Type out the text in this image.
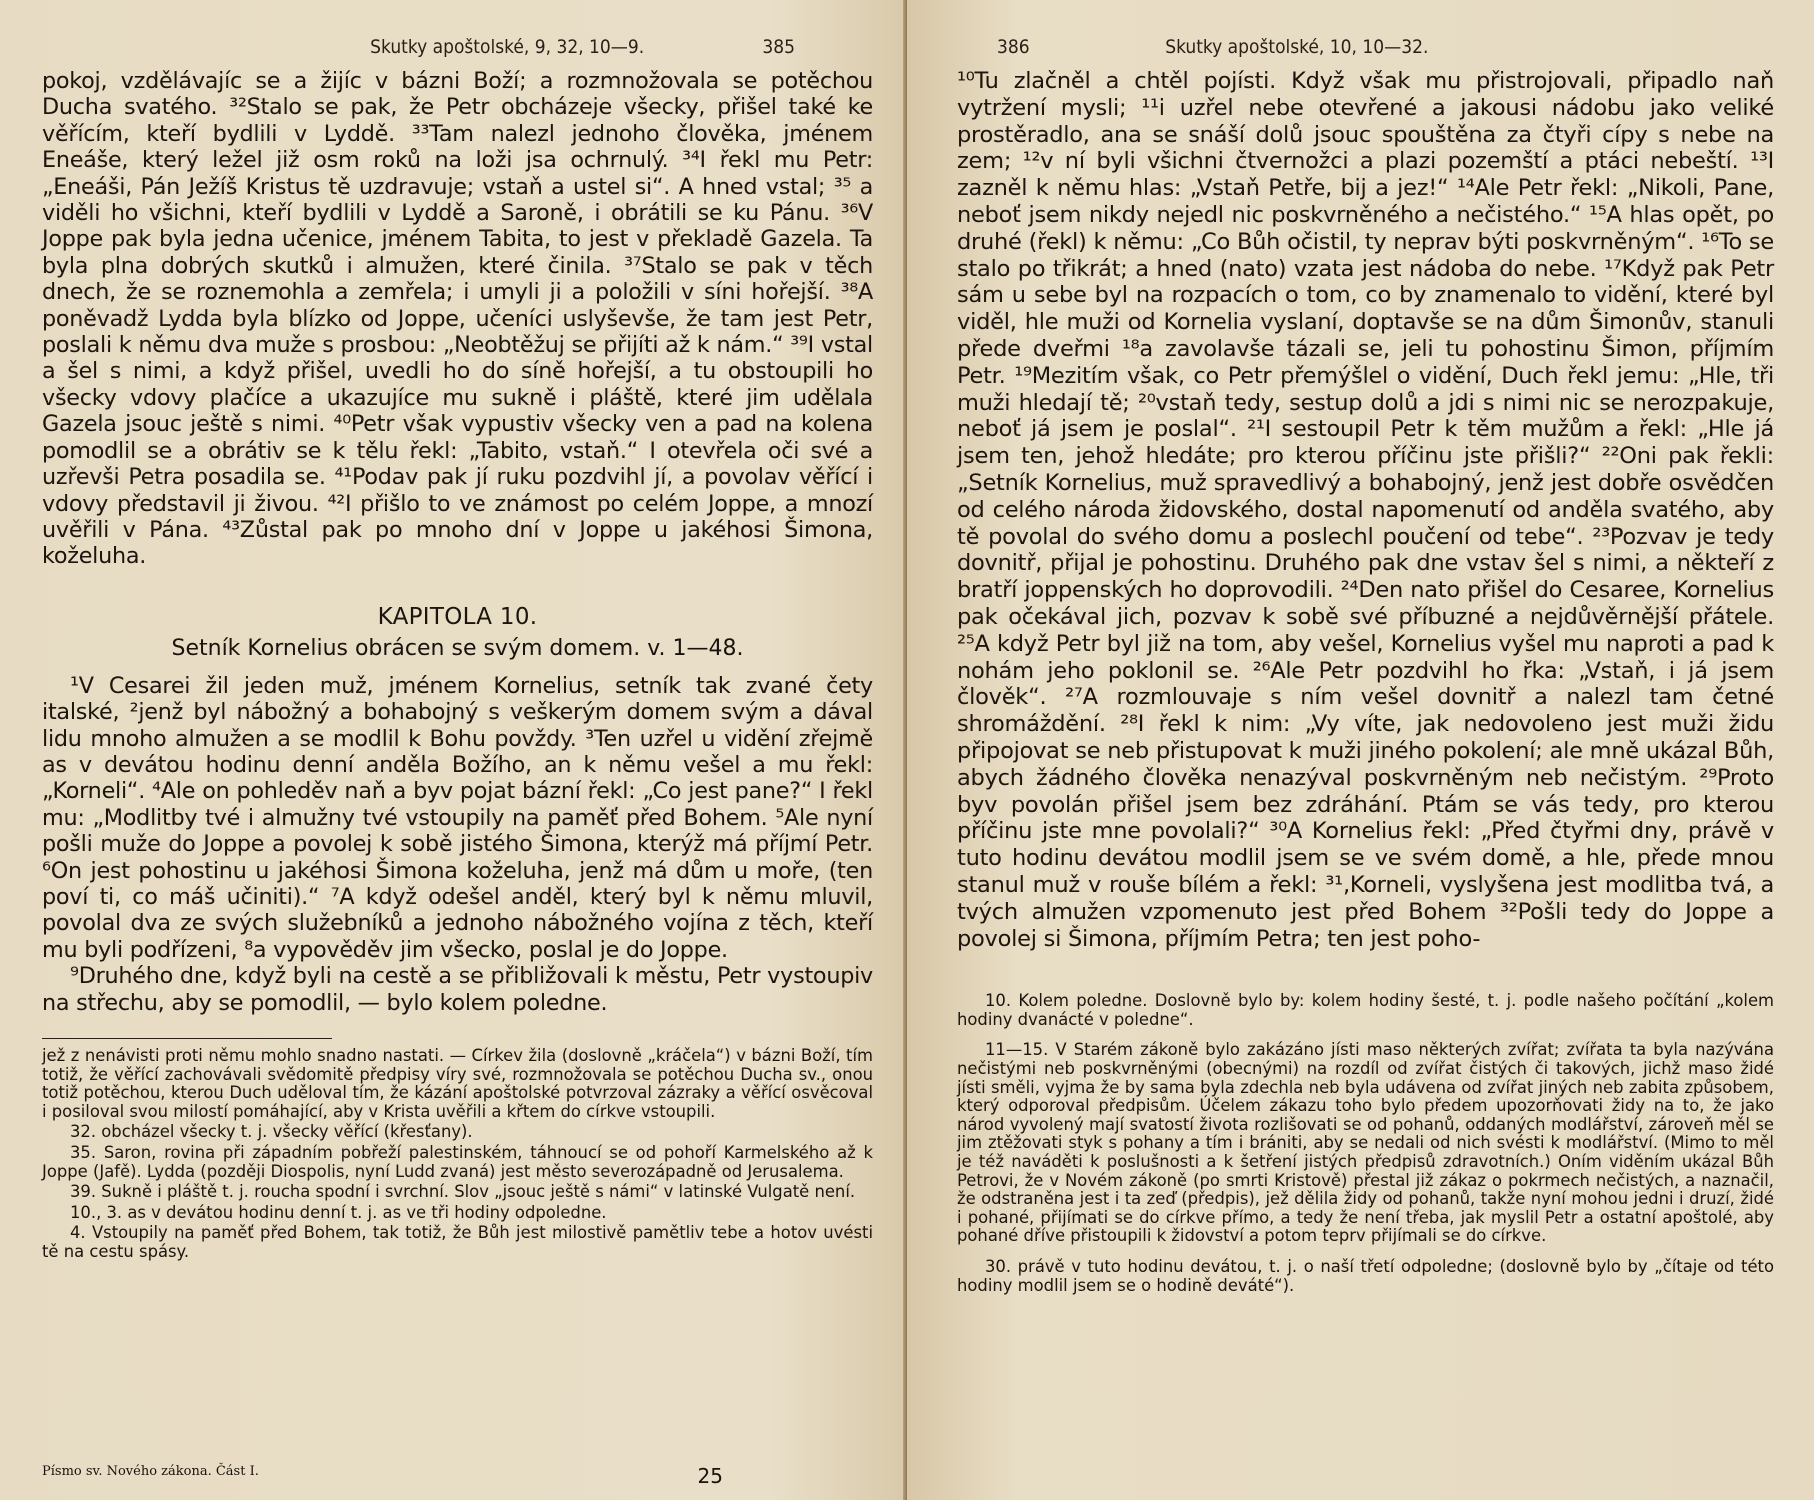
Skutky apoštolské, 9, 32, 10—9.	385

pokoj, vzdělávajíc se a žijíc v bázni Boží; a rozmnožovala se potěchou Ducha svatého. ³²Stalo se pak, že Petr obcházeje všecky, přišel také ke věřícím, kteří bydlili v Lyddě. ³³Tam nalezl jednoho člověka, jménem Eneáše, který ležel již osm roků na loži jsa ochrnulý. ³⁴I řekl mu Petr: „Eneáši, Pán Ježíš Kristus tě uzdravuje; vstaň a ustel si“. A hned vstal; ³⁵ a viděli ho všichni, kteří bydlili v Lyddě a Saroně, i obrátili se ku Pánu. ³⁶V Joppe pak byla jedna učenice, jménem Tabita, to jest v překladě Gazela. Ta byla plna dobrých skutků i almužen, které činila. ³⁷Stalo se pak v těch dnech, že se roznemohla a zemřela; i umyli ji a položili v síni hořejší. ³⁸A poněvadž Lydda byla blízko od Joppe, učeníci uslyševše, že tam jest Petr, poslali k němu dva muže s prosbou: „Neobtěžuj se přijíti až k nám.“ ³⁹I vstal a šel s nimi, a když přišel, uvedli ho do síně hořejší, a tu obstoupili ho všecky vdovy plačíce a ukazujíce mu sukně i pláště, které jim udělala Gazela jsouc ještě s nimi. ⁴⁰Petr však vypustiv všecky ven a pad na kolena pomodlil se a obrátiv se k tělu řekl: „Tabito, vstaň.“ I otevřela oči své a uzřevši Petra posadila se. ⁴¹Podav pak jí ruku pozdvihl jí, a povolav věřící i vdovy představil ji živou. ⁴²I přišlo to ve známost po celém Joppe, a mnozí uvěřili v Pána. ⁴³Zůstal pak po mnoho dní v Joppe u jakéhosi Šimona, koželuha.

KAPITOLA 10.
Setník Kornelius obrácen se svým domem. v. 1—48.

¹V Cesarei žil jeden muž, jménem Kornelius, setník tak zvané čety italské, ²jenž byl nábožný a bohabojný s veškerým domem svým a dával lidu mnoho almužen a se modlil k Bohu povždy. ³Ten uzřel u vidění zřejmě as v devátou hodinu denní anděla Božího, an k němu vešel a mu řekl: „Korneli“. ⁴Ale on pohleděv naň a byv pojat bázní řekl: „Co jest pane?“ I řekl mu: „Modlitby tvé i almužny tvé vstoupily na paměť před Bohem. ⁵Ale nyní pošli muže do Joppe a povolej k sobě jistého Šimona, kterýž má příjmí Petr. ⁶On jest pohostinu u jakéhosi Šimona koželuha, jenž má dům u moře, (ten poví ti, co máš učiniti).“ ⁷A když odešel anděl, který byl k němu mluvil, povolal dva ze svých služebníků a jednoho nábožného vojína z těch, kteří mu byli podřízeni, ⁸a vypověděv jim všecko, poslal je do Joppe.

⁹Druhého dne, když byli na cestě a se přibližovali k městu, Petr vystoupiv na střechu, aby se pomodlil, — bylo kolem poledne.

jež z nenávisti proti němu mohlo snadno nastati. — Církev žila (doslovně „kráčela“) v bázni Boží, tím totiž, že věřící zachovávali svědomitě předpisy víry své, rozmnožovala se potěchou Ducha sv., onou totiž potěchou, kterou Duch uděloval tím, že kázání apoštolské potvrzoval zázraky a věřící osvěcoval i posiloval svou milostí pomáhající, aby v Krista uvěřili a křtem do církve vstoupili.

32. obcházel všecky t. j. všecky věřící (křesťany).

35. Saron, rovina při západním pobřeží palestinském, táhnoucí se od pohoří Karmelského až k Joppe (Jafě). Lydda (později Diospolis, nyní Ludd zvaná) jest město severozápadně od Jerusalema.

39. Sukně i pláště t. j. roucha spodní i svrchní. Slov „jsouc ještě s námi“ v latinské Vulgatě není.

10., 3. as v devátou hodinu denní t. j. as ve tři hodiny odpoledne.

4. Vstoupily na paměť před Bohem, tak totiž, že Bůh jest milostivě pamětliv tebe a hotov uvésti tě na cestu spásy.

Písmo sv. Nového zákona. Část I.	25
386	Skutky apoštolské, 10, 10—32.

¹⁰Tu zlačněl a chtěl pojísti. Když však mu přistrojovali, připadlo naň vytržení mysli; ¹¹i uzřel nebe otevřené a jakousi nádobu jako veliké prostěradlo, ana se snáší dolů jsouc spouštěna za čtyři cípy s nebe na zem; ¹²v ní byli všichni čtvernožci a plazi pozemští a ptáci nebeští. ¹³I zazněl k němu hlas: „Vstaň Petře, bij a jez!“ ¹⁴Ale Petr řekl: „Nikoli, Pane, neboť jsem nikdy nejedl nic poskvrněného a nečistého.“ ¹⁵A hlas opět, po druhé (řekl) k němu: „Co Bůh očistil, ty neprav býti poskvrněným“. ¹⁶To se stalo po třikrát; a hned (nato) vzata jest nádoba do nebe. ¹⁷Když pak Petr sám u sebe byl na rozpacích o tom, co by znamenalo to vidění, které byl viděl, hle muži od Kornelia vyslaní, doptavše se na dům Šimonův, stanuli přede dveřmi ¹⁸a zavolavše tázali se, jeli tu pohostinu Šimon, příjmím Petr. ¹⁹Mezitím však, co Petr přemýšlel o vidění, Duch řekl jemu: „Hle, tři muži hledají tě; ²⁰vstaň tedy, sestup dolů a jdi s nimi nic se nerozpakuje, neboť já jsem je poslal“. ²¹I sestoupil Petr k těm mužům a řekl: „Hle já jsem ten, jehož hledáte; pro kterou příčinu jste přišli?“ ²²Oni pak řekli: „Setník Kornelius, muž spravedlivý a bohabojný, jenž jest dobře osvědčen od celého národa židovského, dostal napomenutí od anděla svatého, aby tě povolal do svého domu a poslechl poučení od tebe“. ²³Pozvav je tedy dovnitř, přijal je pohostinu. Druhého pak dne vstav šel s nimi, a někteří z bratří joppenských ho doprovodili. ²⁴Den nato přišel do Cesaree, Kornelius pak očekával jich, pozvav k sobě své příbuzné a nejdůvěrnější přátele. ²⁵A když Petr byl již na tom, aby vešel, Kornelius vyšel mu naproti a pad k nohám jeho poklonil se. ²⁶Ale Petr pozdvihl ho řka: „Vstaň, i já jsem člověk“. ²⁷A rozmlouvaje s ním vešel dovnitř a nalezl tam četné shromáždění. ²⁸I řekl k nim: „Vy víte, jak nedovoleno jest muži židu připojovat se neb přistupovat k muži jiného pokolení; ale mně ukázal Bůh, abych žádného člověka nenazýval poskvrněným neb nečistým. ²⁹Proto byv povolán přišel jsem bez zdráhání. Ptám se vás tedy, pro kterou příčinu jste mne povolali?“ ³⁰A Kornelius řekl: „Před čtyřmi dny, právě v tuto hodinu devátou modlil jsem se ve svém domě, a hle, přede mnou stanul muž v rouše bílém a řekl: ³¹‚Korneli, vyslyšena jest modlitba tvá, a tvých almužen vzpomenuto jest před Bohem ³²Pošli tedy do Joppe a povolej si Šimona, příjmím Petra; ten jest poho-

10. Kolem poledne. Doslovně bylo by: kolem hodiny šesté, t. j. podle našeho počítání „kolem hodiny dvanácté v poledne“.

11—15. V Starém zákoně bylo zakázáno jísti maso některých zvířat; zvířata ta byla nazývána nečistými neb poskvrněnými (obecnými) na rozdíl od zvířat čistých či takových, jichž maso židé jísti směli, vyjma že by sama byla zdechla neb byla udávena od zvířat jiných neb zabita způsobem, který odporoval předpisům. Účelem zákazu toho bylo předem upozorňovati židy na to, že jako národ vyvolený mají svatostí života rozlišovati se od pohanů, oddaných modlářství, zároveň měl se jim ztěžovati styk s pohany a tím i brániti, aby se nedali od nich svésti k modlářství. (Mimo to měl je též naváděti k poslušnosti a k šetření jistých předpisů zdravotních.) Oním viděním ukázal Bůh Petrovi, že v Novém zákoně (po smrti Kristově) přestal již zákaz o pokrmech nečistých, a naznačil, že odstraněna jest i ta zeď (předpis), jež dělila židy od pohanů, takže nyní mohou jedni i druzí, židé i pohané, přijímati se do církve přímo, a tedy že není třeba, jak myslil Petr a ostatní apoštolé, aby pohané dříve přistoupili k židovství a potom teprv přijímali se do církve.

30. právě v tuto hodinu devátou, t. j. o naší třetí odpoledne; (doslovně bylo by „čítaje od této hodiny modlil jsem se o hodině deváté“).
